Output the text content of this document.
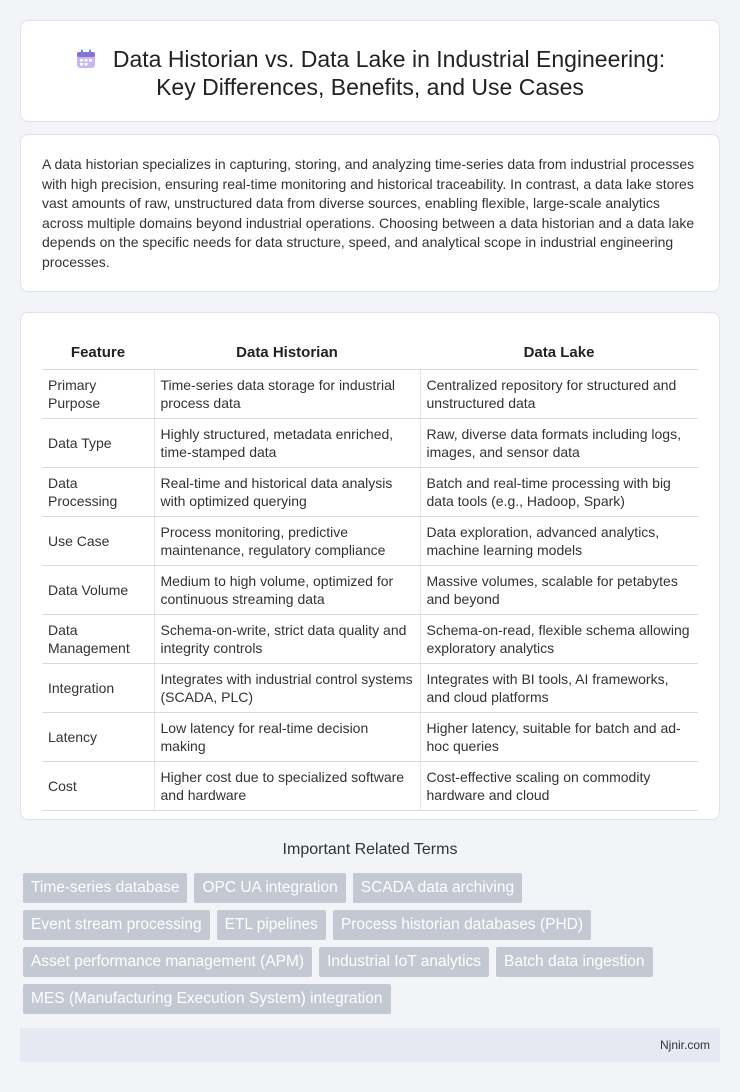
Data Historian vs. Data Lake in Industrial Engineering:
Key Differences, Benefits, and Use Cases

A data historian specializes in capturing, storing, and analyzing time-series data from industrial processes with high precision, ensuring real-time monitoring and historical traceability. In contrast, a data lake stores vast amounts of raw, unstructured data from diverse sources, enabling flexible, large-scale analytics across multiple domains beyond industrial operations. Choosing between a data historian and a data lake depends on the specific needs for data structure, speed, and analytical scope in industrial engineering processes.

Feature	Data Historian	Data Lake
Primary Purpose	Time-series data storage for industrial process data	Centralized repository for structured and unstructured data
Data Type	Highly structured, metadata enriched, time-stamped data	Raw, diverse data formats including logs, images, and sensor data
Data Processing	Real-time and historical data analysis with optimized querying	Batch and real-time processing with big data tools (e.g., Hadoop, Spark)
Use Case	Process monitoring, predictive maintenance, regulatory compliance	Data exploration, advanced analytics, machine learning models
Data Volume	Medium to high volume, optimized for continuous streaming data	Massive volumes, scalable for petabytes and beyond
Data Management	Schema-on-write, strict data quality and integrity controls	Schema-on-read, flexible schema allowing exploratory analytics
Integration	Integrates with industrial control systems (SCADA, PLC)	Integrates with BI tools, AI frameworks, and cloud platforms
Latency	Low latency for real-time decision making	Higher latency, suitable for batch and ad-hoc queries
Cost	Higher cost due to specialized software and hardware	Cost-effective scaling on commodity hardware and cloud
Important Related Terms
Time-series database	OPC UA integration	SCADA data archiving
Event stream processing	ETL pipelines	Process historian databases (PHD)
Asset performance management (APM)	Industrial IoT analytics	Batch data ingestion
MES (Manufacturing Execution System) integration
Njnir.com
